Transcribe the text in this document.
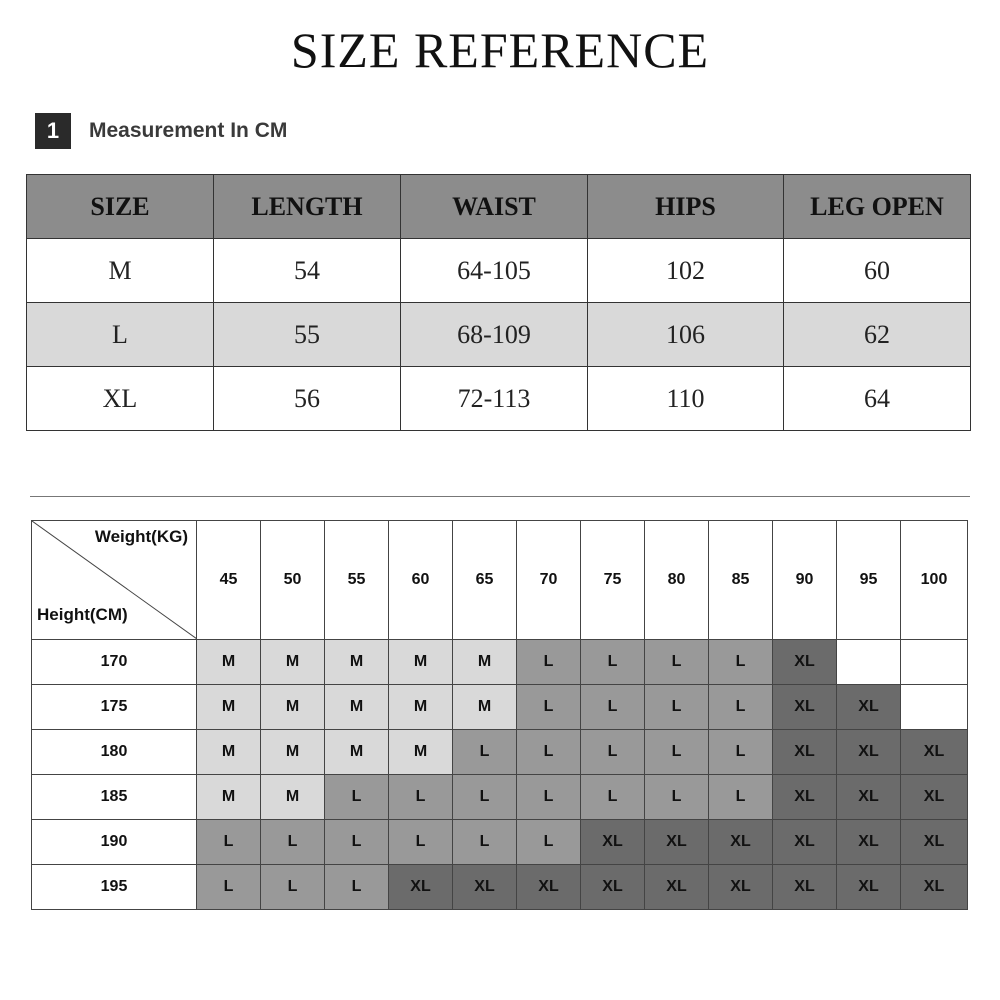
SIZE REFERENCE
1	Measurement In CM
SIZE	LENGTH	WAIST	HIPS	LEG OPEN
M	54	64-105	102	60
L	55	68-109	106	62
XL	56	72-113	110	64
Weight(KG)
Height(CM)	45	50	55	60	65	70	75	80	85	90	95	100
170	M	M	M	M	M	L	L	L	L	XL		
175	M	M	M	M	M	L	L	L	L	XL	XL	
180	M	M	M	M	L	L	L	L	L	XL	XL	XL
185	M	M	L	L	L	L	L	L	L	XL	XL	XL
190	L	L	L	L	L	L	XL	XL	XL	XL	XL	XL
195	L	L	L	XL	XL	XL	XL	XL	XL	XL	XL	XL
